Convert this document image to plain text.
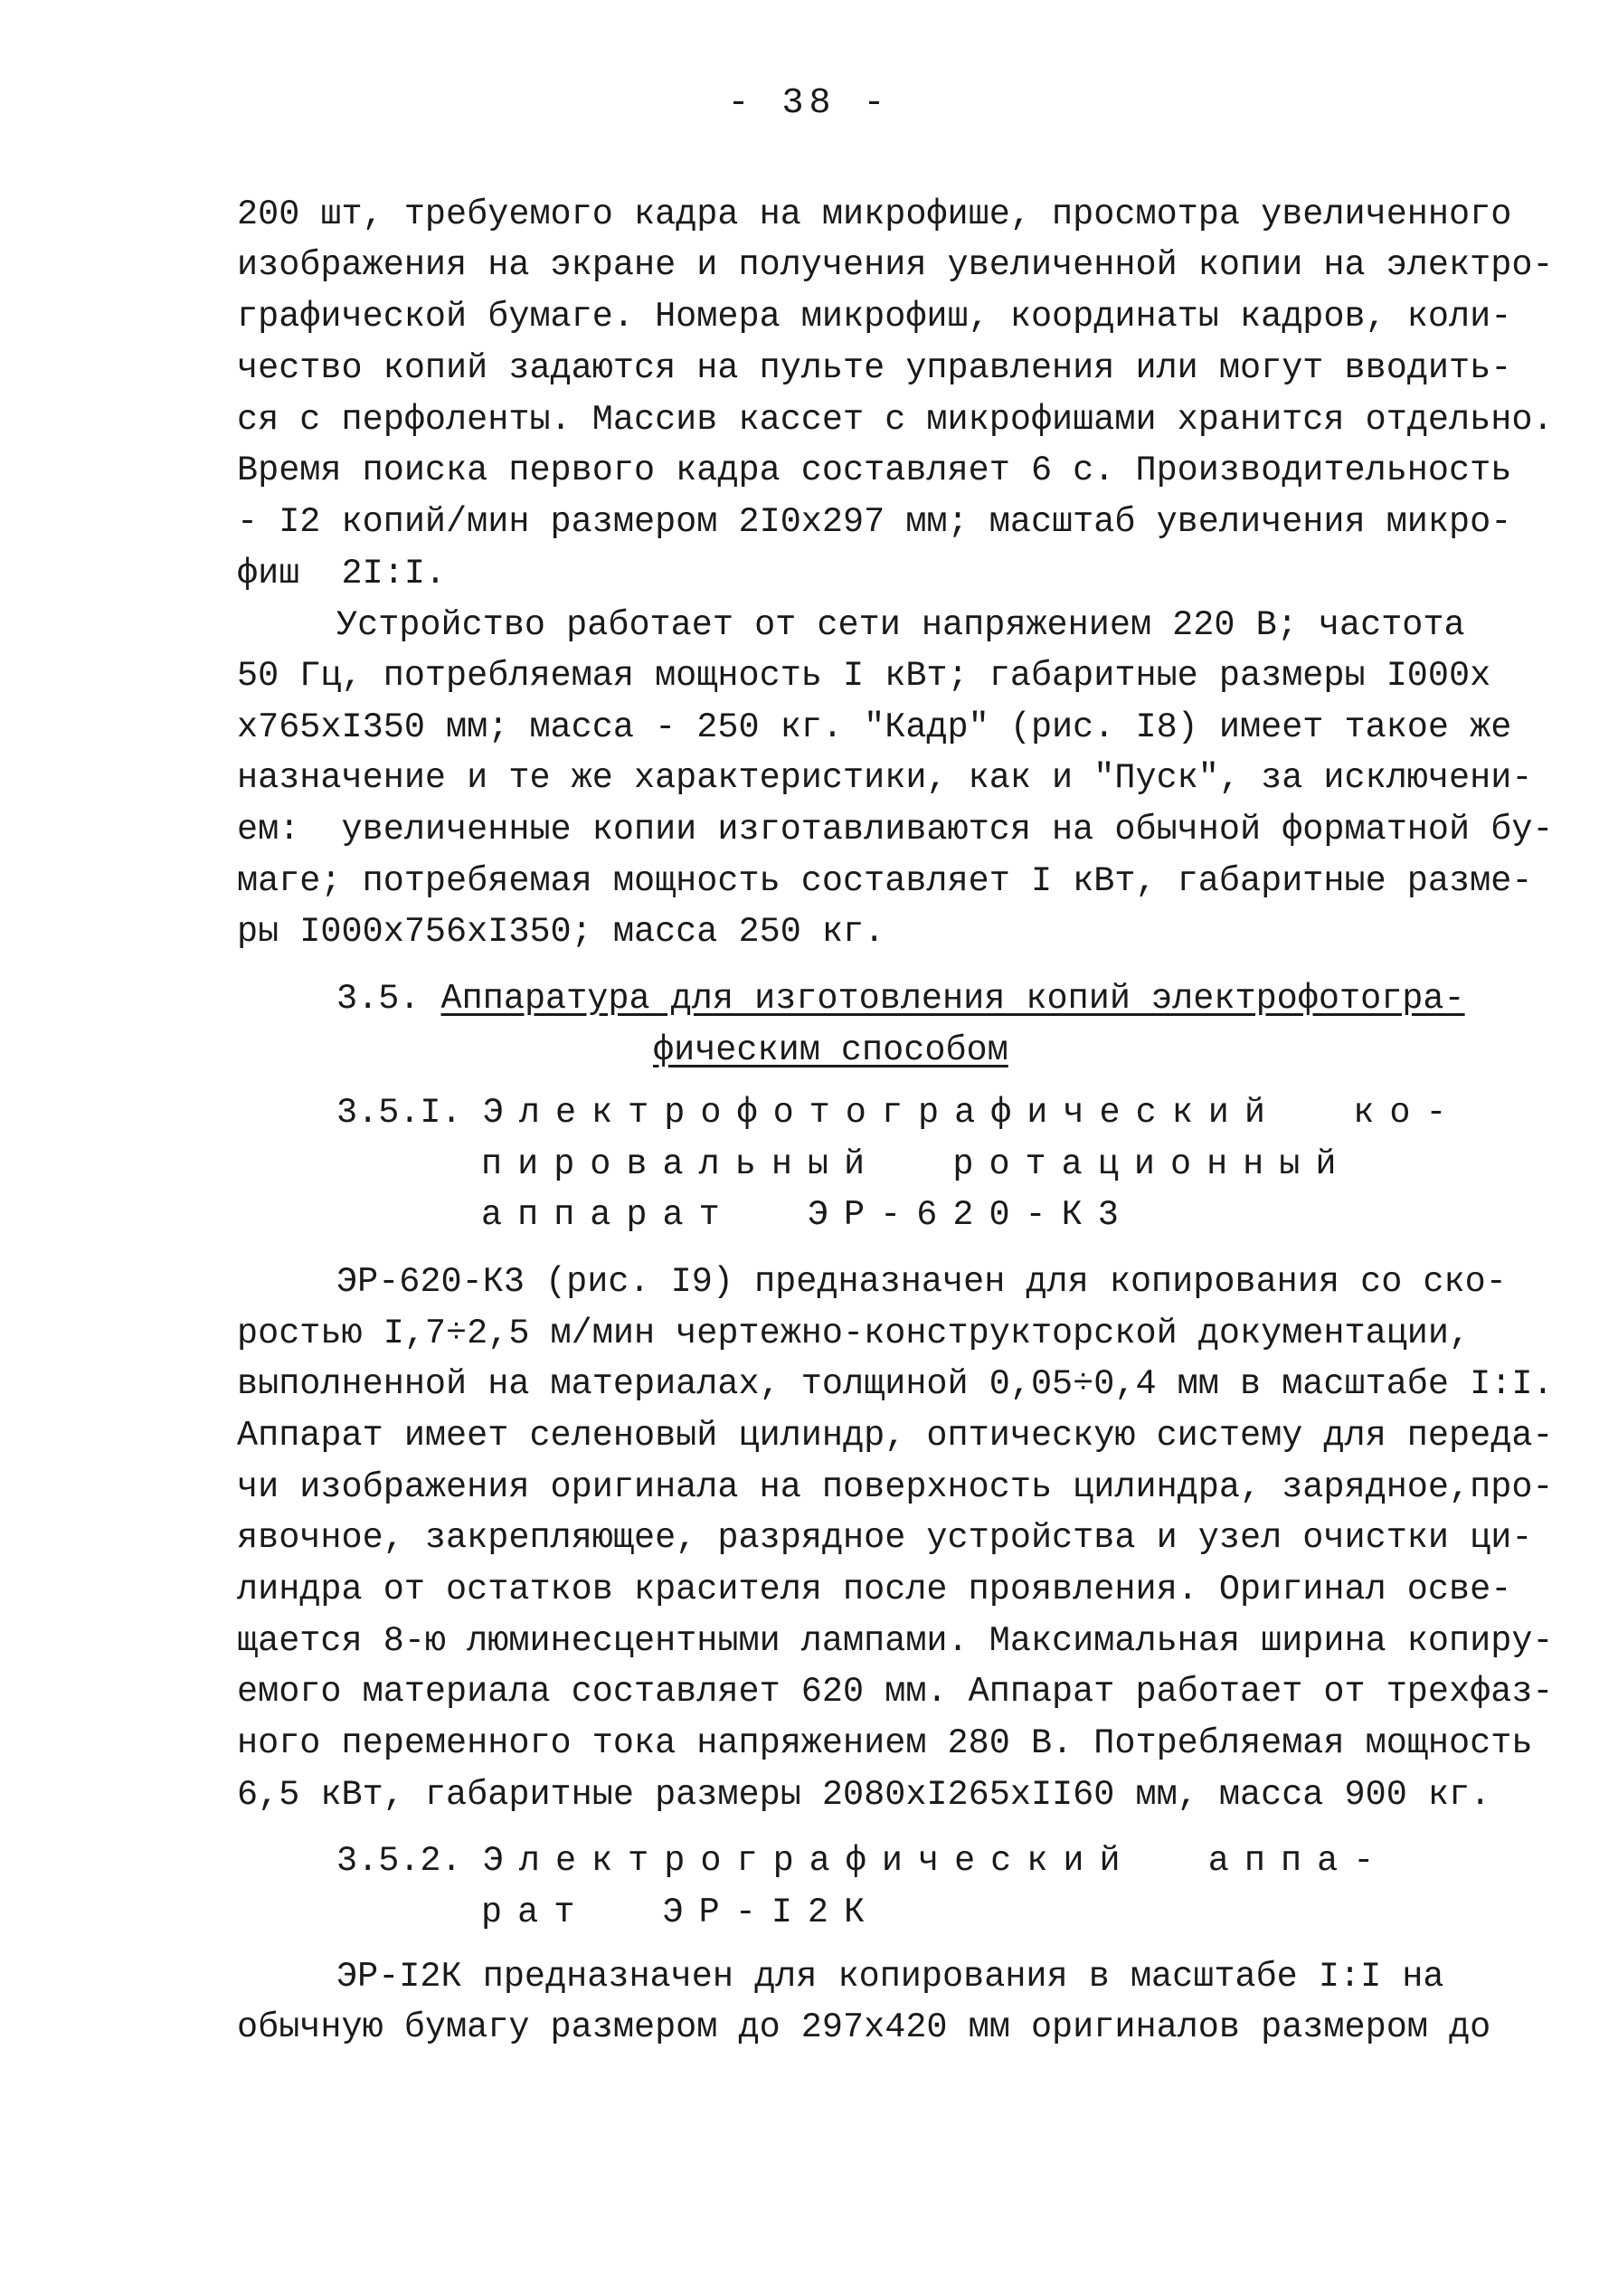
- 38 -
200 шт, требуемого кадра на микрофише, просмотра увеличенного
изображения на экране и получения увеличенной копии на электро-
графической бумаге. Номера микрофиш, координаты кадров, коли-
чество копий задаются на пульте управления или могут вводить-
ся с перфоленты. Массив кассет с микрофишами хранится отдельно.
Время поиска первого кадра составляет 6 с. Производительность
- I2 копий/мин размером 2I0x297 мм; масштаб увеличения микро-
фиш  2I:I.
Устройство работает от сети напряжением 220 В; частота
50 Гц, потребляемая мощность I кВт; габаритные размеры I000x
x765xI350 мм; масса - 250 кг. "Кадр" (рис. I8) имеет такое же
назначение и те же характеристики, как и "Пуск", за исключени-
ем:  увеличенные копии изготавливаются на обычной форматной бу-
маге; потребяемая мощность составляет I кВт, габаритные разме-
ры I000x756xI350; масса 250 кг.
3.5. Аппаратура для изготовления копий электрофотогра-
фическим способом
3.5.I. Электрофотографический  ко-
пировальный  ротационный
аппарат  ЭР-620-К3
ЭР-620-К3 (рис. I9) предназначен для копирования со ско-
ростью I,7÷2,5 м/мин чертежно-конструкторской документации,
выполненной на материалах, толщиной 0,05÷0,4 мм в масштабе I:I.
Аппарат имеет селеновый цилиндр, оптическую систему для переда-
чи изображения оригинала на поверхность цилиндра, зарядное,про-
явочное, закрепляющее, разрядное устройства и узел очистки ци-
линдра от остатков красителя после проявления. Оригинал осве-
щается 8-ю люминесцентными лампами. Максимальная ширина копиру-
емого материала составляет 620 мм. Аппарат работает от трехфаз-
ного переменного тока напряжением 280 В. Потребляемая мощность
6,5 кВт, габаритные размеры 2080xI265xII60 мм, масса 900 кг.
3.5.2. Электрографический  аппа-
рат  ЭР-I2К
ЭР-I2К предназначен для копирования в масштабе I:I на
обычную бумагу размером до 297x420 мм оригиналов размером до
